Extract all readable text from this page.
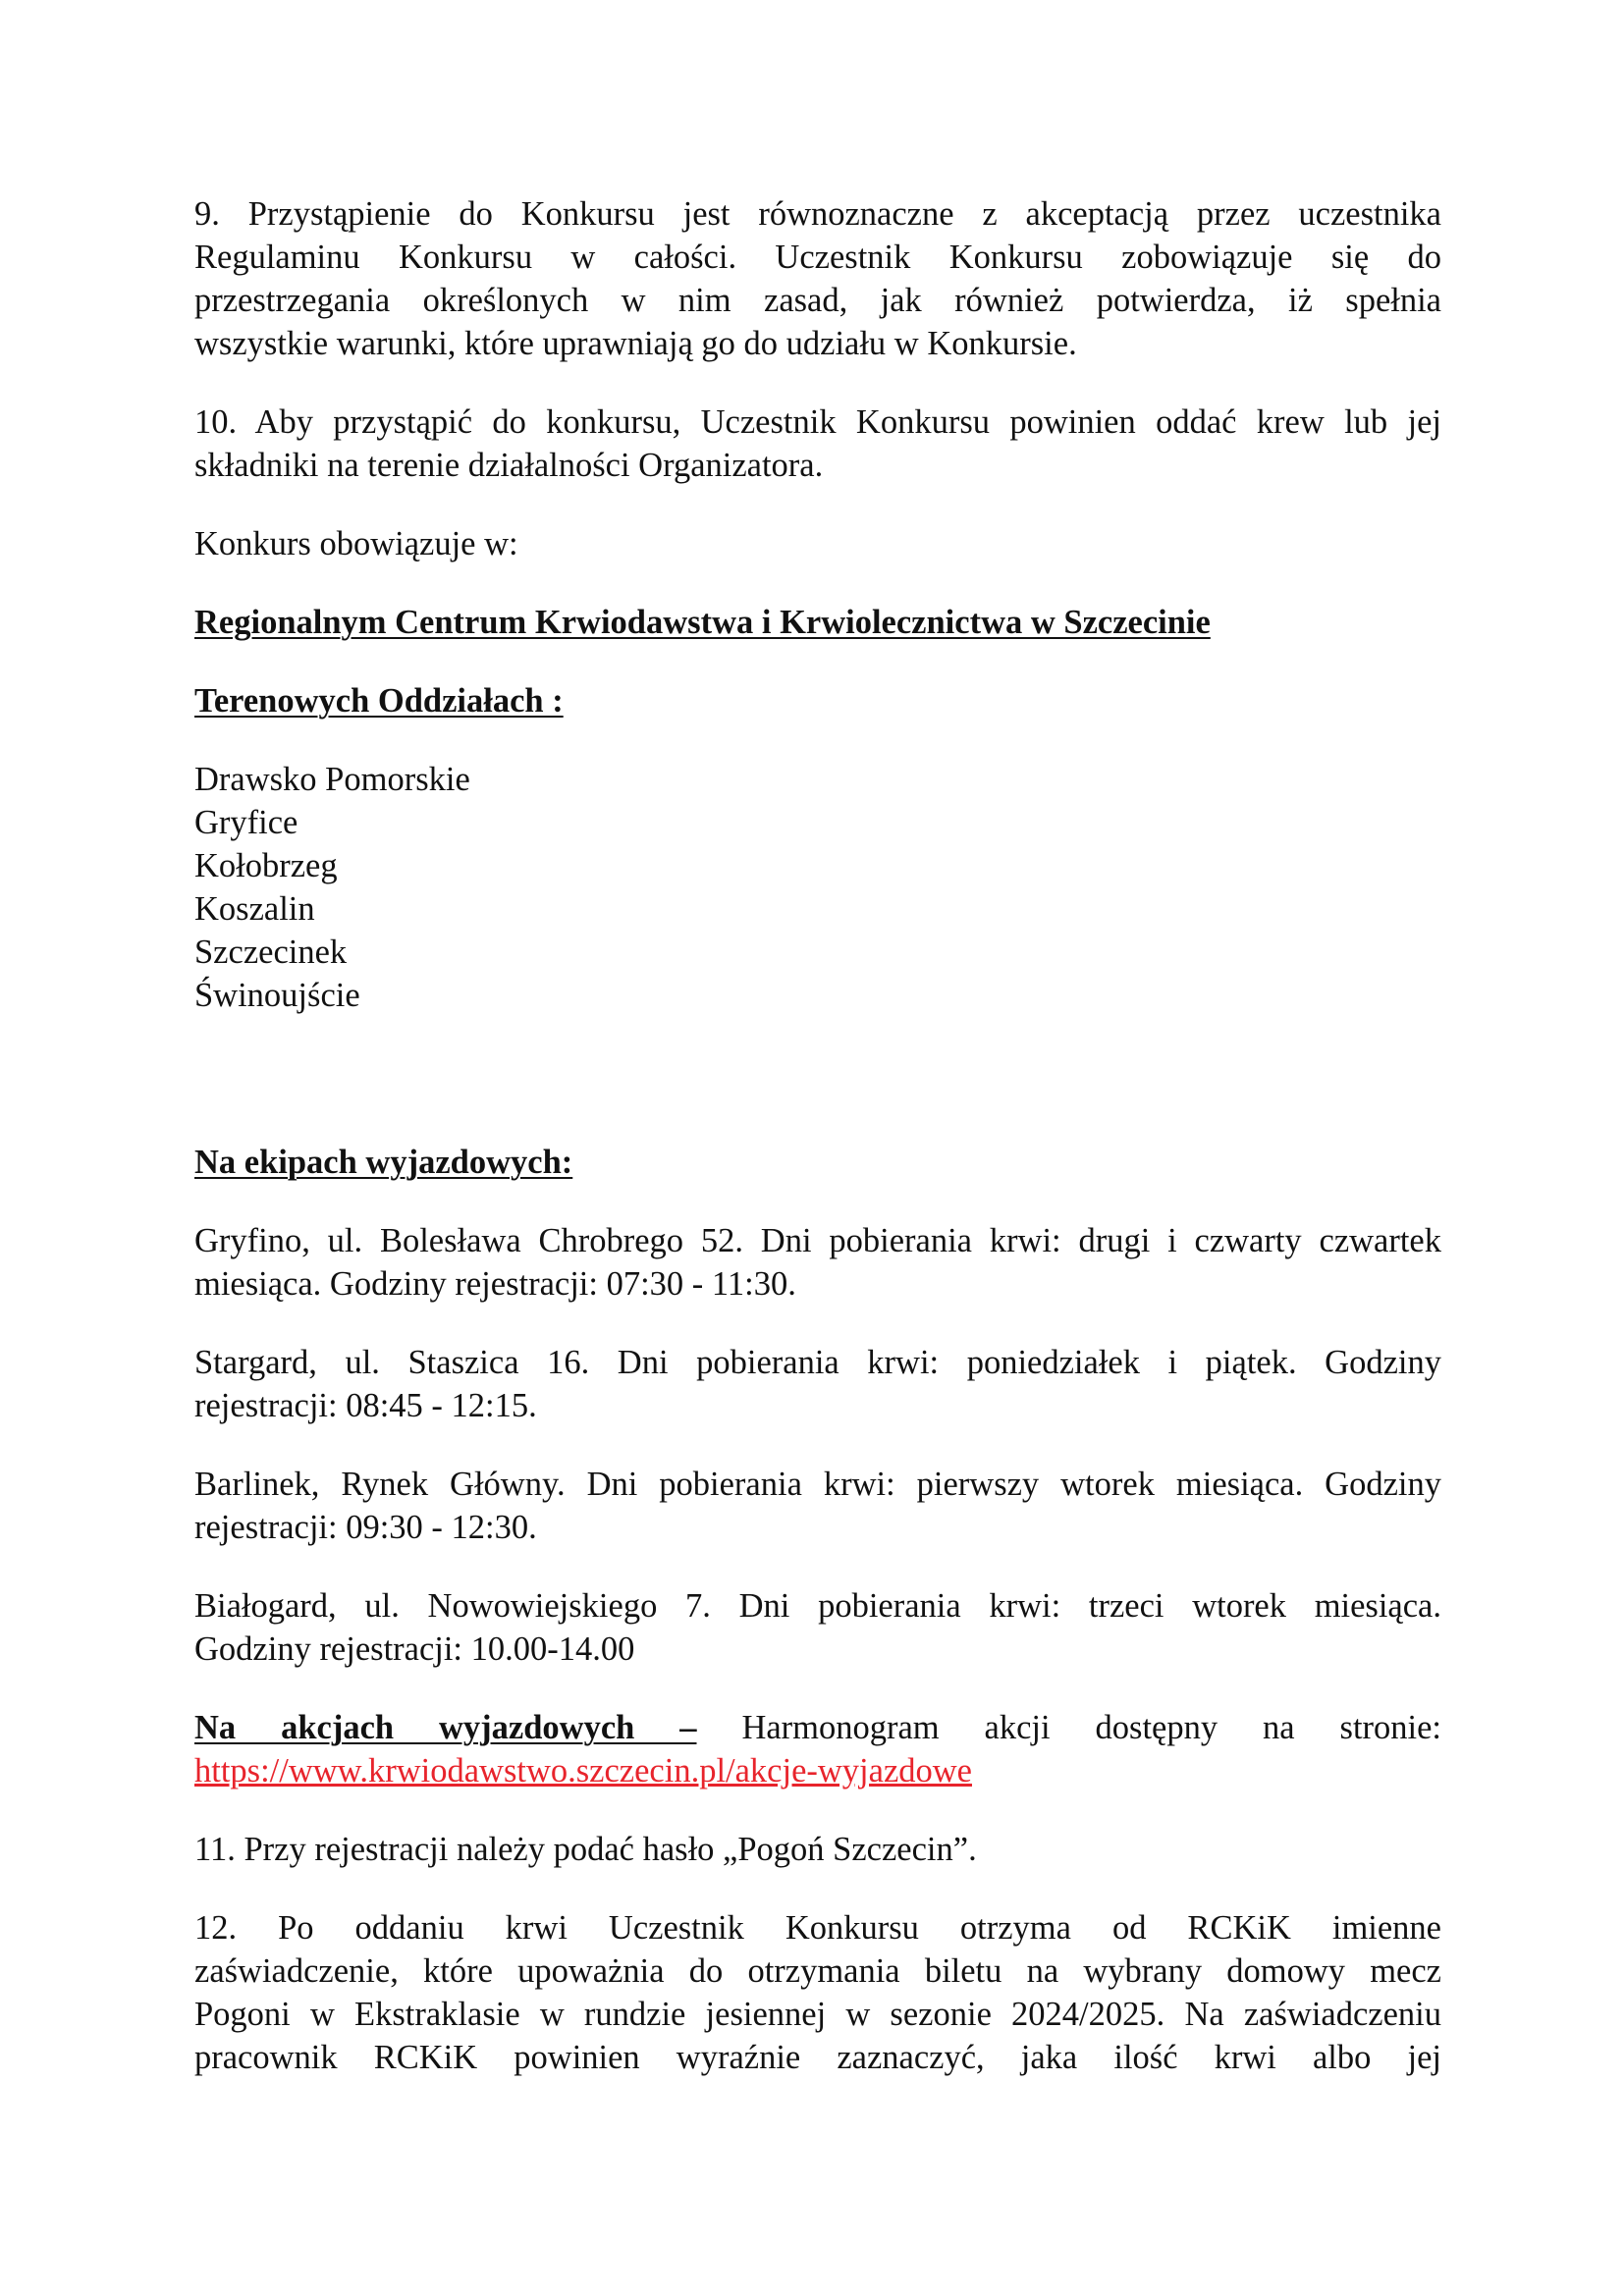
9. Przystąpienie do Konkursu jest równoznaczne z akceptacją przez uczestnika
Regulaminu Konkursu w całości. Uczestnik Konkursu zobowiązuje się do
przestrzegania określonych w nim zasad, jak również potwierdza, iż spełnia
wszystkie warunki, które uprawniają go do udziału w Konkursie.

10. Aby przystąpić do konkursu, Uczestnik Konkursu powinien oddać krew lub jej
składniki na terenie działalności Organizatora.

Konkurs obowiązuje w:

Regionalnym Centrum Krwiodawstwa i Krwiolecznictwa w Szczecinie

Terenowych Oddziałach :

Drawsko Pomorskie
Gryfice
Kołobrzeg
Koszalin
Szczecinek
Świnoujście

Na ekipach wyjazdowych:

Gryfino, ul. Bolesława Chrobrego 52. Dni pobierania krwi: drugi i czwarty czwartek
miesiąca. Godziny rejestracji: 07:30 - 11:30.

Stargard, ul. Staszica 16. Dni pobierania krwi: poniedziałek i piątek. Godziny
rejestracji: 08:45 - 12:15.

Barlinek, Rynek Główny. Dni pobierania krwi: pierwszy wtorek miesiąca. Godziny
rejestracji: 09:30 - 12:30.

Białogard, ul. Nowowiejskiego 7. Dni pobierania krwi: trzeci wtorek miesiąca.
Godziny rejestracji: 10.00-14.00

Na akcjach wyjazdowych – Harmonogram akcji dostępny na stronie:
https://www.krwiodawstwo.szczecin.pl/akcje-wyjazdowe

11. Przy rejestracji należy podać hasło „Pogoń Szczecin”.

12. Po oddaniu krwi Uczestnik Konkursu otrzyma od RCKiK imienne
zaświadczenie, które upoważnia do otrzymania biletu na wybrany domowy mecz
Pogoni w Ekstraklasie w rundzie jesiennej w sezonie 2024/2025. Na zaświadczeniu
pracownik RCKiK powinien wyraźnie zaznaczyć, jaka ilość krwi albo jej
